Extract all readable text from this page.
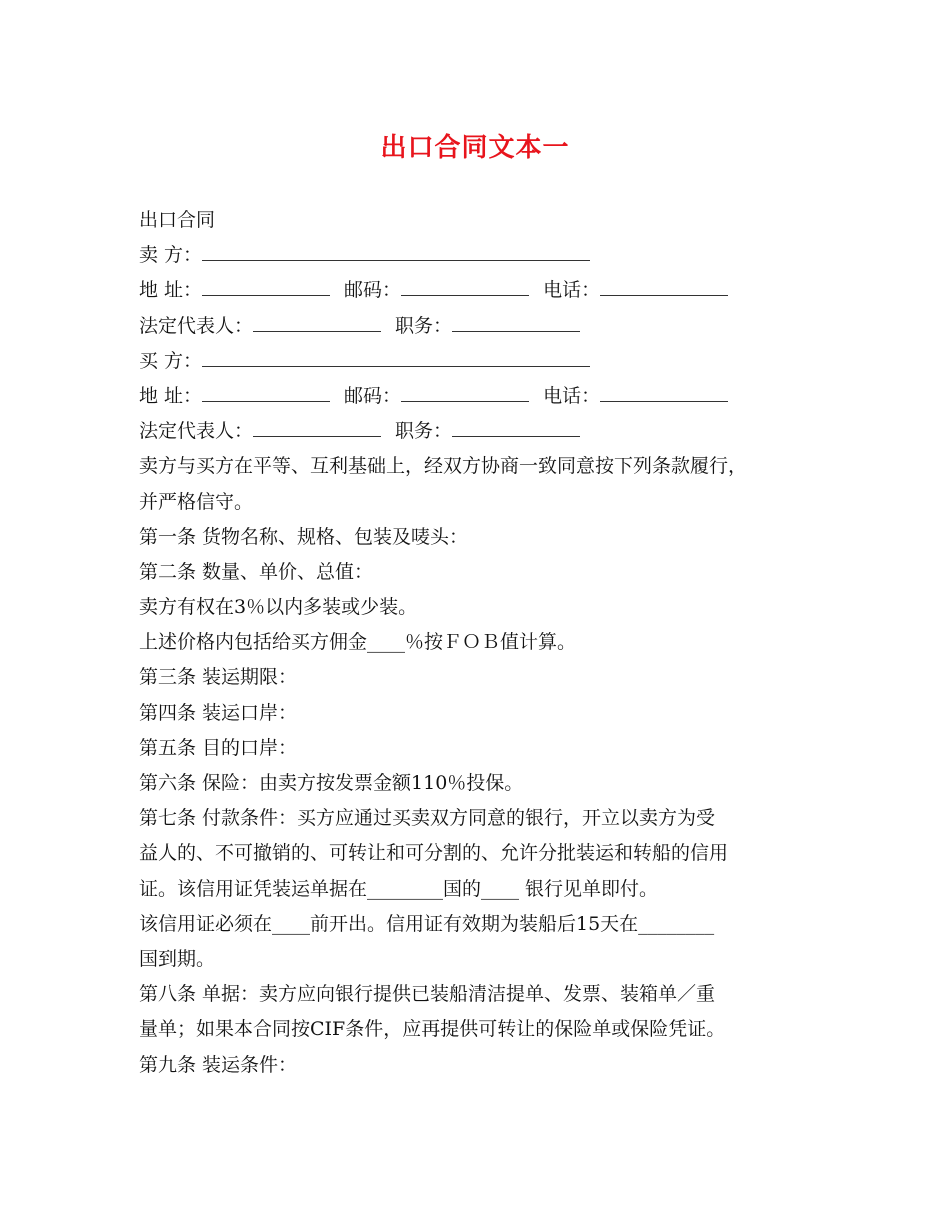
出口合同文本一
出口合同
卖 方：
地 址：	邮码：	电话：
法定代表人：	职务：
买 方：
地 址：	邮码：	电话：
法定代表人：	职务：
卖方与买方在平等、互利基础上，经双方协商一致同意按下列条款履行，
并严格信守。
第一条 货物名称、规格、包装及唛头：
第二条 数量、单价、总值：
卖方有权在3％以内多装或少装。
上述价格内包括给买方佣金____％按ＦＯＢ值计算。
第三条 装运期限：
第四条 装运口岸：
第五条 目的口岸：
第六条 保险：由卖方按发票金额110％投保。
第七条 付款条件：买方应通过买卖双方同意的银行，开立以卖方为受
益人的、不可撤销的、可转让和可分割的、允许分批装运和转船的信用
证。该信用证凭装运单据在________国的____ 银行见单即付。
该信用证必须在____前开出。信用证有效期为装船后15天在________
国到期。
第八条 单据：卖方应向银行提供已装船清洁提单、发票、装箱单／重
量单；如果本合同按CIF条件，应再提供可转让的保险单或保险凭证。
第九条 装运条件：
